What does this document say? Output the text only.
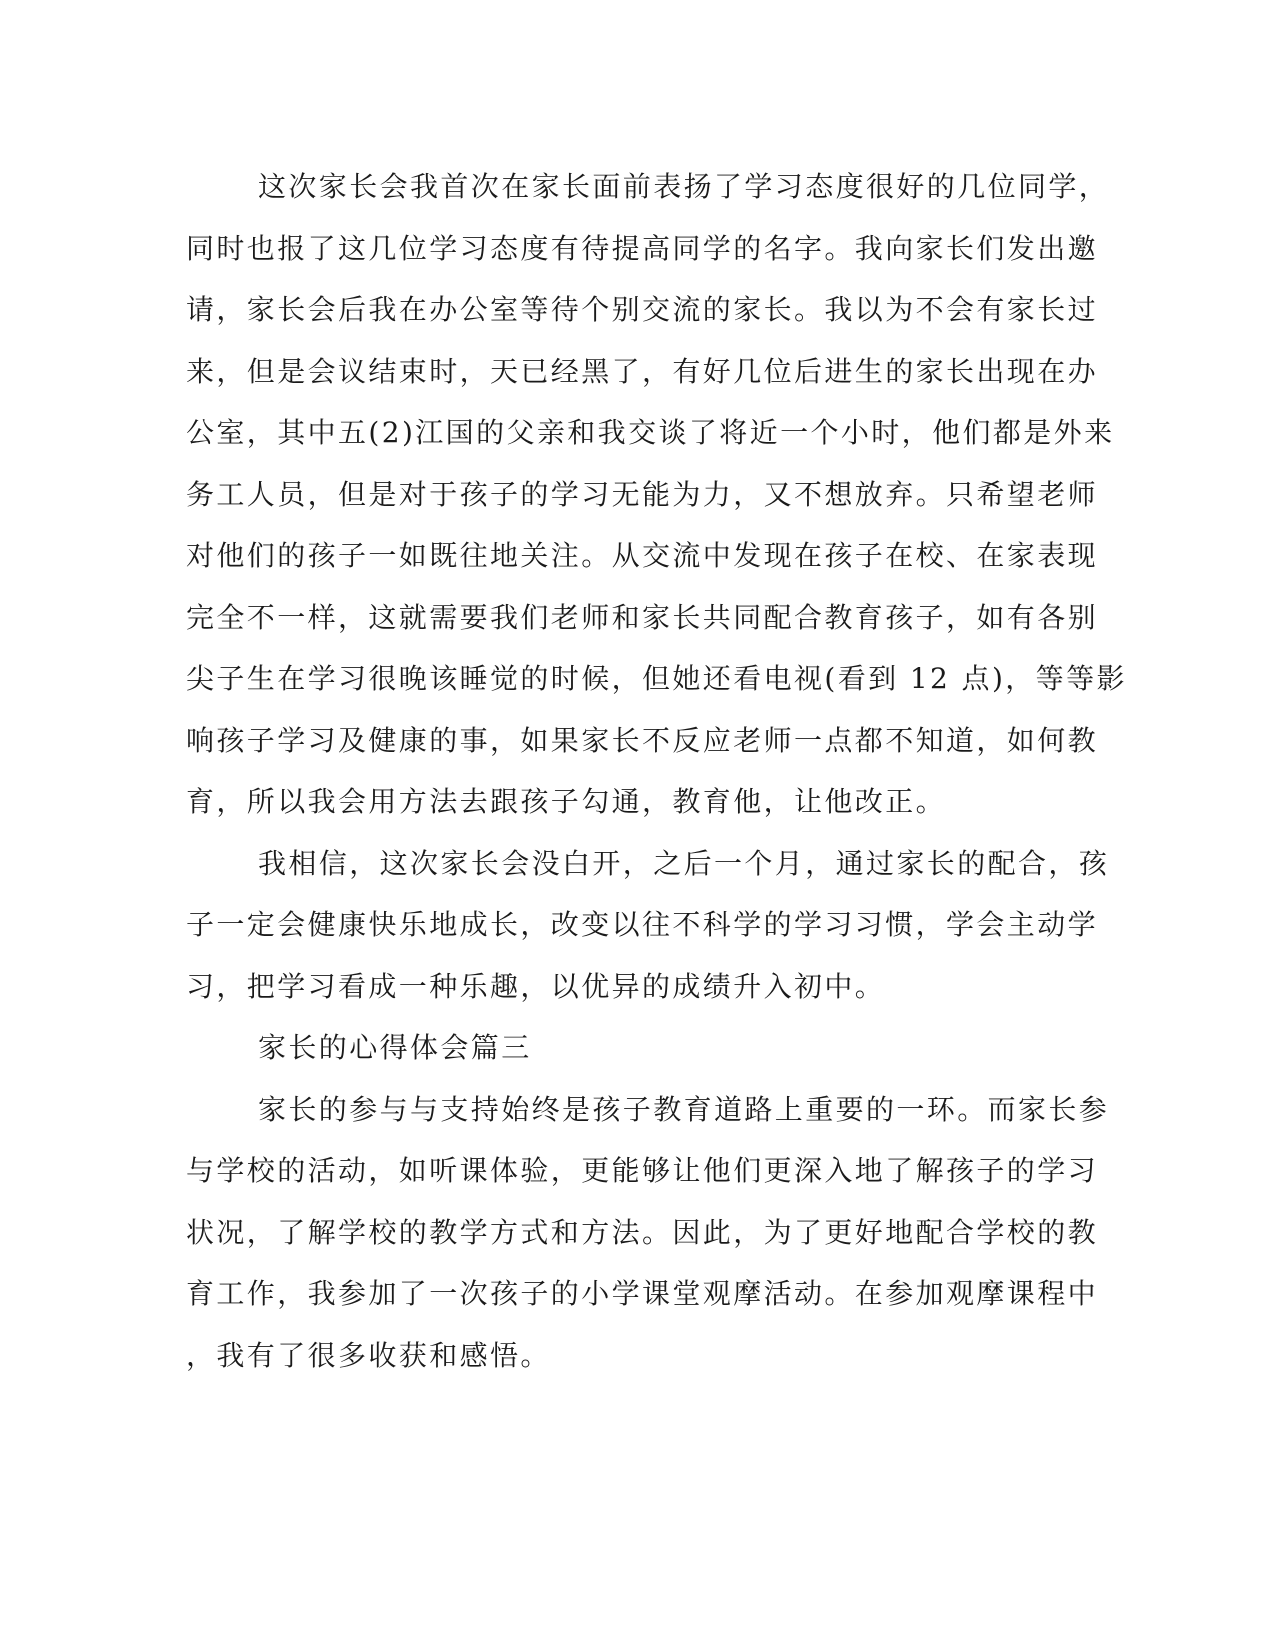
这次家长会我首次在家长面前表扬了学习态度很好的几位同学，
同时也报了这几位学习态度有待提高同学的名字。我向家长们发出邀
请，家长会后我在办公室等待个别交流的家长。我以为不会有家长过
来，但是会议结束时，天已经黑了，有好几位后进生的家长出现在办
公室，其中五(2)江国的父亲和我交谈了将近一个小时，他们都是外来
务工人员，但是对于孩子的学习无能为力，又不想放弃。只希望老师
对他们的孩子一如既往地关注。从交流中发现在孩子在校、在家表现
完全不一样，这就需要我们老师和家长共同配合教育孩子，如有各别
尖子生在学习很晚该睡觉的时候，但她还看电视(看到 12 点)，等等影
响孩子学习及健康的事，如果家长不反应老师一点都不知道，如何教
育，所以我会用方法去跟孩子勾通，教育他，让他改正。
我相信，这次家长会没白开，之后一个月，通过家长的配合，孩
子一定会健康快乐地成长，改变以往不科学的学习习惯，学会主动学
习，把学习看成一种乐趣，以优异的成绩升入初中。
家长的心得体会篇三
家长的参与与支持始终是孩子教育道路上重要的一环。而家长参
与学校的活动，如听课体验，更能够让他们更深入地了解孩子的学习
状况，了解学校的教学方式和方法。因此，为了更好地配合学校的教
育工作，我参加了一次孩子的小学课堂观摩活动。在参加观摩课程中
，我有了很多收获和感悟。
